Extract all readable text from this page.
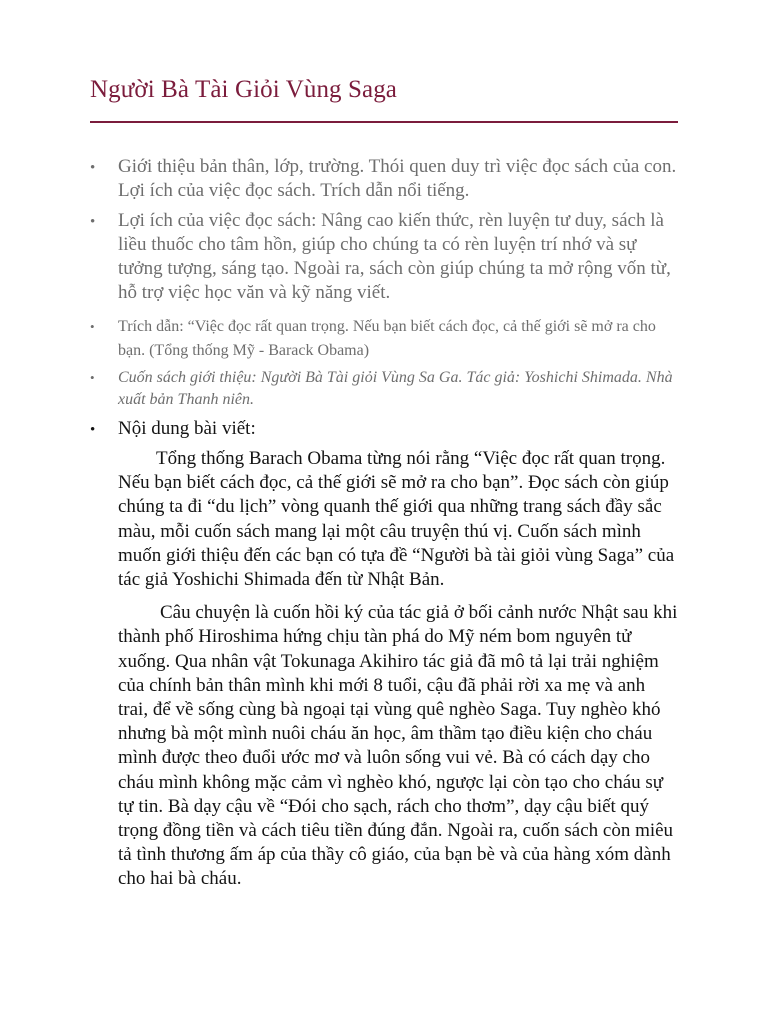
Người Bà Tài Giỏi Vùng Saga
• Giới thiệu bản thân, lớp, trường. Thói quen duy trì việc đọc sách của con. Lợi ích của việc đọc sách. Trích dẫn nổi tiếng.
• Lợi ích của việc đọc sách: Nâng cao kiến thức, rèn luyện tư duy, sách là liều thuốc cho tâm hồn, giúp cho chúng ta có rèn luyện trí nhớ và sự tưởng tượng, sáng tạo. Ngoài ra, sách còn giúp chúng ta mở rộng vốn từ, hỗ trợ việc học văn và kỹ năng viết.
• Trích dẫn: “Việc đọc rất quan trọng. Nếu bạn biết cách đọc, cả thế giới sẽ mở ra cho bạn. (Tổng thống Mỹ - Barack Obama)
• Cuốn sách giới thiệu: Người Bà Tài giỏi Vùng Sa Ga. Tác giả: Yoshichi Shimada. Nhà xuất bản Thanh niên.
• Nội dung bài viết:

Tổng thống Barach Obama từng nói rằng “Việc đọc rất quan trọng. Nếu bạn biết cách đọc, cả thế giới sẽ mở ra cho bạn”. Đọc sách còn giúp chúng ta đi “du lịch” vòng quanh thế giới qua những trang sách đầy sắc màu, mỗi cuốn sách mang lại một câu truyện thú vị. Cuốn sách mình muốn giới thiệu đến các bạn có tựa đề “Người bà tài giỏi vùng Saga” của tác giả Yoshichi Shimada đến từ Nhật Bản.

Câu chuyện là cuốn hồi ký của tác giả ở bối cảnh nước Nhật sau khi thành phố Hiroshima hứng chịu tàn phá do Mỹ ném bom nguyên tử xuống. Qua nhân vật Tokunaga Akihiro tác giả đã mô tả lại trải nghiệm của chính bản thân mình khi mới 8 tuổi, cậu đã phải rời xa mẹ và anh trai, để về sống cùng bà ngoại tại vùng quê nghèo Saga. Tuy nghèo khó nhưng bà một mình nuôi cháu ăn học, âm thầm tạo điều kiện cho cháu mình được theo đuổi ước mơ và luôn sống vui vẻ. Bà có cách dạy cho cháu mình không mặc cảm vì nghèo khó, ngược lại còn tạo cho cháu sự tự tin. Bà dạy cậu về “Đói cho sạch, rách cho thơm”, dạy cậu biết quý trọng đồng tiền và cách tiêu tiền đúng đắn. Ngoài ra, cuốn sách còn miêu tả tình thương ấm áp của thầy cô giáo, của bạn bè và của hàng xóm dành cho hai bà cháu.
